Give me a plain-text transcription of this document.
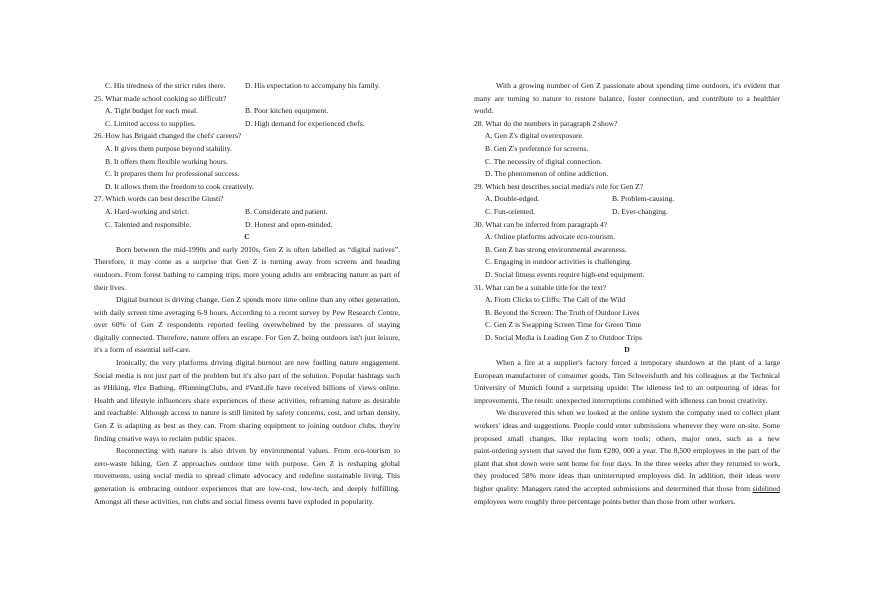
C. His tiredness of the strict rules there.	D. His expectation to accompany his family.
25. What made school cooking so difficult?
A. Tight budget for each meal.	B. Poor kitchen equipment.
C. Limited access to supplies.	D. High demand for experienced chefs.
26. How has Brigaid changed the chefs' careers?
A. It gives them purpose beyond stability.
B. It offers them flexible working hours.
C. It prepares them for professional success.
D. It allows them the freedom to cook creatively.
27. Which words can best describe Giusti?
A. Hard-working and strict.	B. Considerate and patient.
C. Talented and responsible.	D. Honest and open-minded.
C
Born between the mid-1990s and early 2010s, Gen Z is often labelled as “digital natives”.
Therefore, it may come as a surprise that Gen Z is turning away from screens and heading
outdoors. From forest bathing to camping trips, more young adults are embracing nature as part of
their lives.
Digital burnout is driving change. Gen Z spends more time online than any other generation,
with daily screen time averaging 6-9 hours. According to a recent survey by Pew Research Centre,
over 60% of Gen Z respondents reported feeling overwhelmed by the pressures of staying
digitally connected. Therefore, nature offers an escape. For Gen Z, being outdoors isn't just leisure,
it's a form of essential self-care.
Ironically, the very platforms driving digital burnout are now fuelling nature engagement.
Social media is not just part of the problem but it's also part of the solution. Popular hashtags such
as #Hiking, #Ice Bathing, #RunningClubs, and #VanLife have received billions of views online.
Health and lifestyle influencers share experiences of these activities, reframing nature as desirable
and reachable. Although access to nature is still limited by safety concerns, cost, and urban density,
Gen Z is adapting as best as they can. From sharing equipment to joining outdoor clubs, they're
finding creative ways to reclaim public spaces.
Reconnecting with nature is also driven by environmental values. From eco-tourism to
zero-waste hiking, Gen Z approaches outdoor time with purpose. Gen Z is reshaping global
movements, using social media to spread climate advocacy and redefine sustainable living. This
generation is embracing outdoor experiences that are low-cost, low-tech, and deeply fulfilling.
Amongst all these activities, run clubs and social fitness events have exploded in popularity.
With a growing number of Gen Z passionate about spending time outdoors, it's evident that
many are turning to nature to restore balance, foster connection, and contribute to a healthier
world.
28. What do the numbers in paragraph 2 show?
A. Gen Z's digital overexposure.
B. Gen Z's preference for screens.
C. The necessity of digital connection.
D. The phenomenon of online addiction.
29. Which best describes social media's role for Gen Z?
A. Double-edged.	B. Problem-causing.
C. Fun-oriented.	D. Ever-changing.
30. What can be inferred from paragraph 4?
A. Online platforms advocate eco-tourism.
B. Gen Z has strong environmental awareness.
C. Engaging in outdoor activities is challenging.
D. Social fitness events require high-end equipment.
31. What can be a suitable title for the text?
A. From Clicks to Cliffs: The Call of the Wild
B. Beyond the Screen: The Truth of Outdoor Lives
C. Gen Z is Swapping Screen Time for Green Time
D. Social Media is Leading Gen Z to Outdoor Trips
D
When a fire at a supplier's factory forced a temporary shutdown at the plant of a large
European manufacturer of consumer goods, Tim Schweisfurth and his colleagues at the Technical
University of Munich found a surprising upside: The idleness led to an outpouring of ideas for
improvements. The result: unexpected interruptions combined with idleness can boost creativity.
We discovered this when we looked at the online system the company used to collect plant
workers' ideas and suggestions. People could enter submissions whenever they were on-site. Some
proposed small changes, like replacing worn tools; others, major ones, such as a new
paint-ordering system that saved the firm €280, 000 a year. The 8,500 employees in the part of the
plant that shut down were sent home for four days. In the three weeks after they returned to work,
they produced 58% more ideas than uninterrupted employees did. In addition, their ideas were
higher quality: Managers rated the accepted submissions and determined that those from sidelined
employees were roughly three percentage points better than those from other workers.
